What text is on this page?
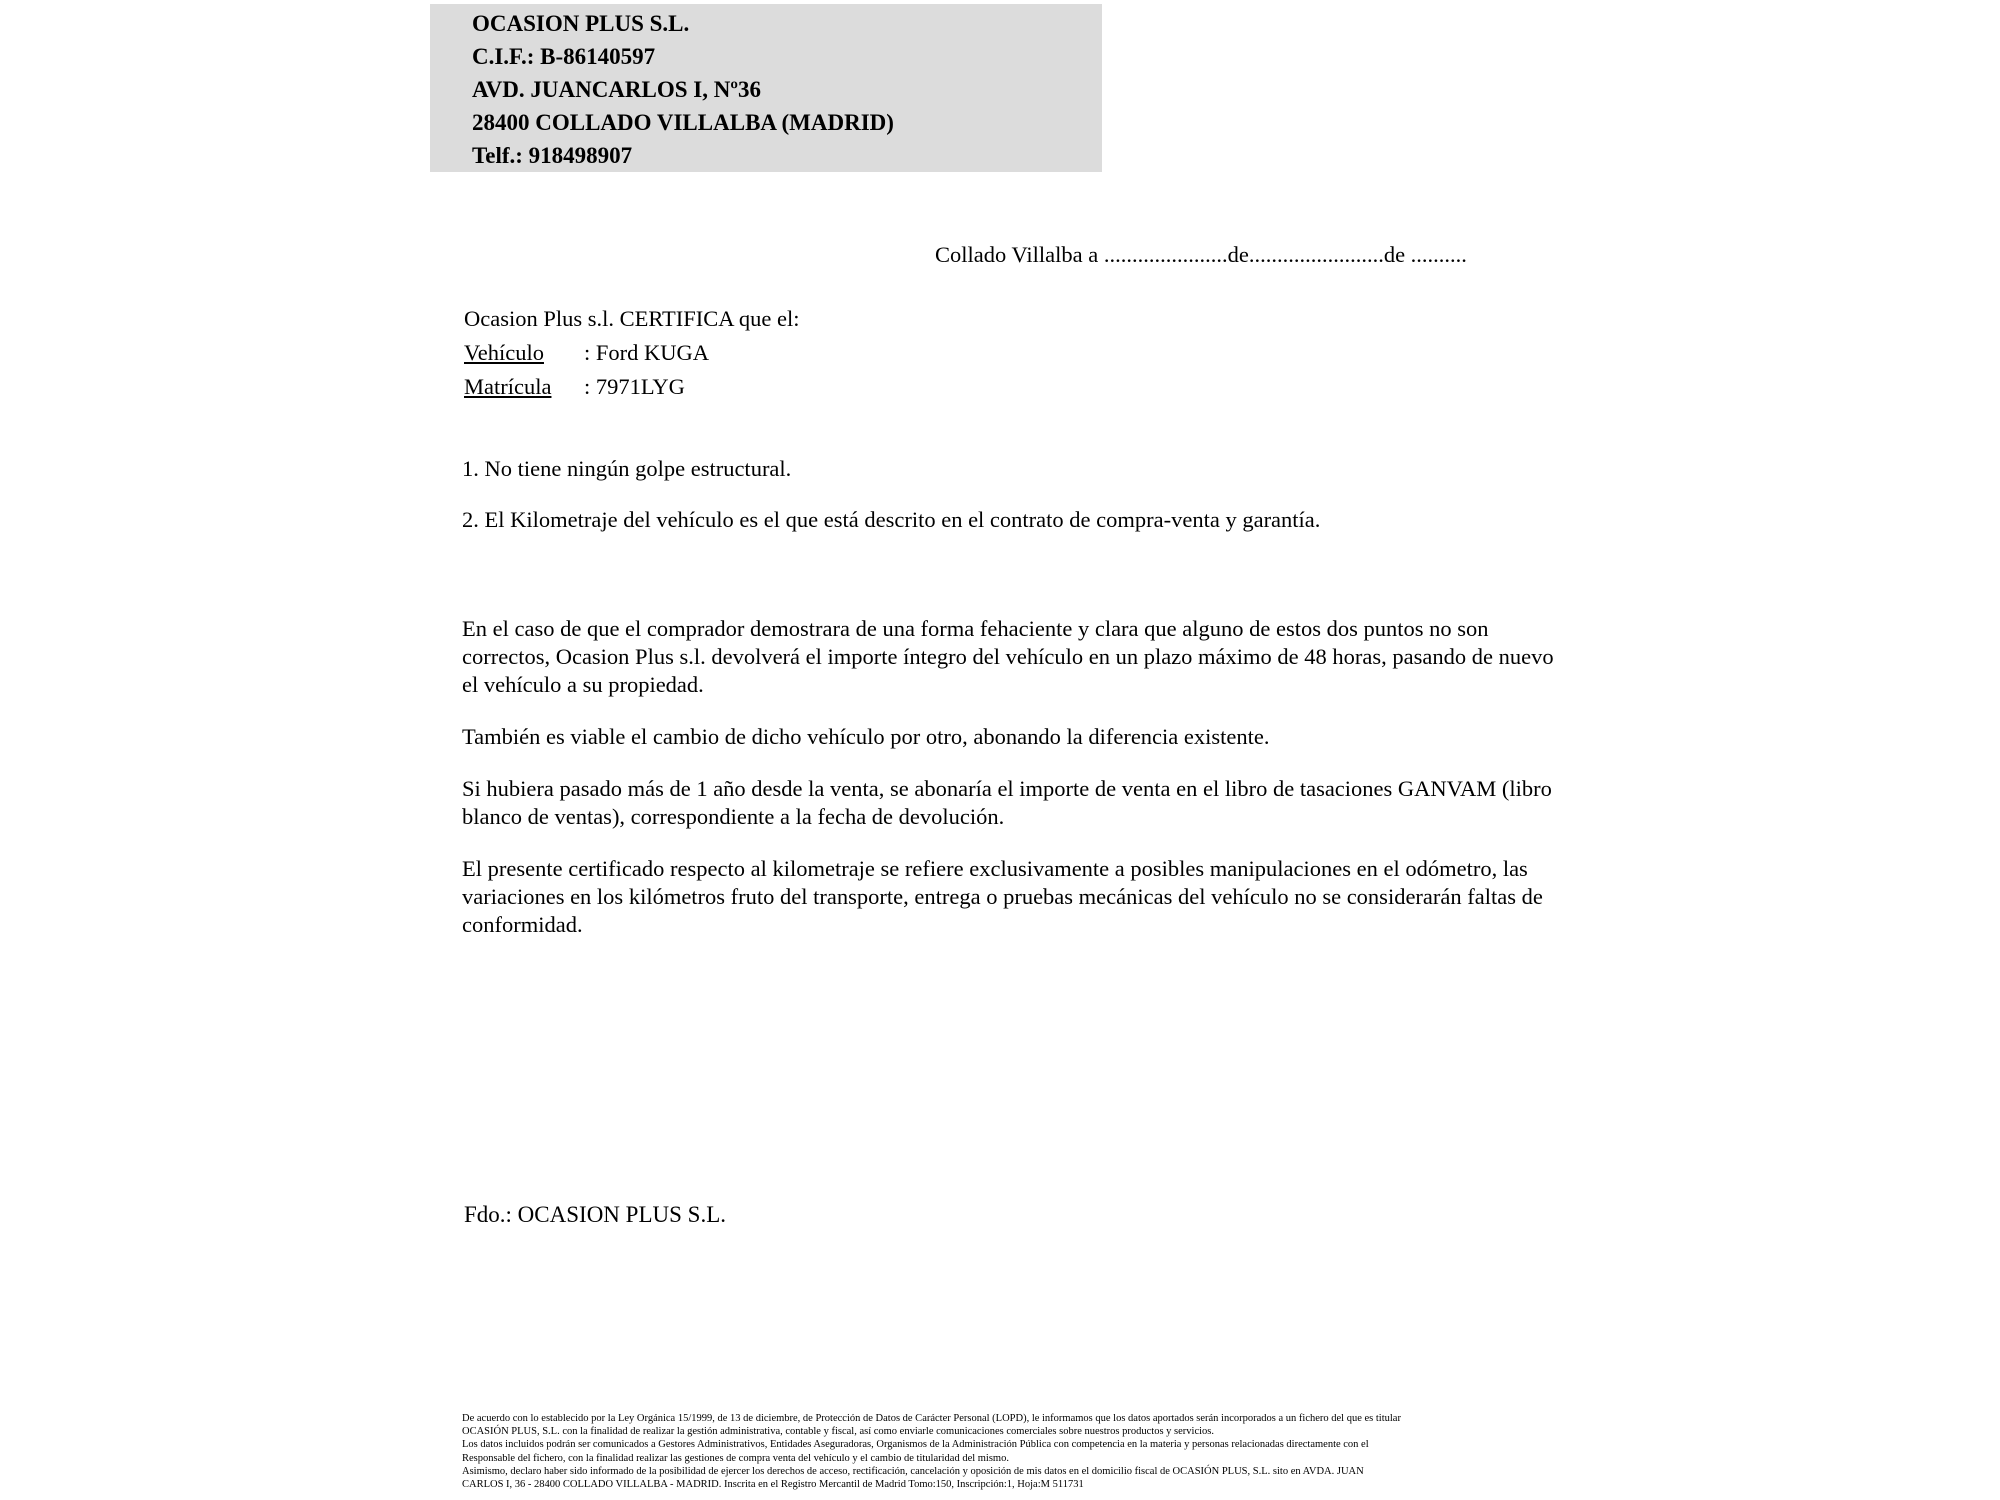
OCASION PLUS S.L.
C.I.F.: B-86140597
AVD. JUANCARLOS I, Nº36
28400 COLLADO VILLALBA (MADRID)
Telf.: 918498907
Collado Villalba a ......................de........................de ..........
Ocasion Plus s.l. CERTIFICA que el:
Vehículo : Ford KUGA
Matrícula : 7971LYG
1. No tiene ningún golpe estructural.
2. El Kilometraje del vehículo es el que está descrito en el contrato de compra-venta y garantía.

En el caso de que el comprador demostrara de una forma fehaciente y clara que alguno de estos dos puntos no son correctos, Ocasion Plus s.l. devolverá el importe íntegro del vehículo en un plazo máximo de 48 horas, pasando de nuevo el vehículo a su propiedad.

También es viable el cambio de dicho vehículo por otro, abonando la diferencia existente.

Si hubiera pasado más de 1 año desde la venta, se abonaría el importe de venta en el libro de tasaciones GANVAM (libro blanco de ventas), correspondiente a la fecha de devolución.

El presente certificado respecto al kilometraje se refiere exclusivamente a posibles manipulaciones en el odómetro, las variaciones en los kilómetros fruto del transporte, entrega o pruebas mecánicas del vehículo no se considerarán faltas de conformidad.

Fdo.: OCASION PLUS S.L.
De acuerdo con lo establecido por la Ley Orgánica 15/1999, de 13 de diciembre, de Protección de Datos de Carácter Personal (LOPD), le informamos que los datos aportados serán incorporados a un fichero del que es titular
OCASIÓN PLUS, S.L. con la finalidad de realizar la gestión administrativa, contable y fiscal, así como enviarle comunicaciones comerciales sobre nuestros productos y servicios.
Los datos incluidos podrán ser comunicados a Gestores Administrativos, Entidades Aseguradoras, Organismos de la Administración Pública con competencia en la materia y personas relacionadas directamente con el
Responsable del fichero, con la finalidad realizar las gestiones de compra venta del vehículo y el cambio de titularidad del mismo.
Asimismo, declaro haber sido informado de la posibilidad de ejercer los derechos de acceso, rectificación, cancelación y oposición de mis datos en el domicilio fiscal de OCASIÓN PLUS, S.L. sito en AVDA. JUAN
CARLOS I, 36 - 28400 COLLADO VILLALBA - MADRID. Inscrita en el Registro Mercantil de Madrid Tomo:150, Inscripción:1, Hoja:M 511731
